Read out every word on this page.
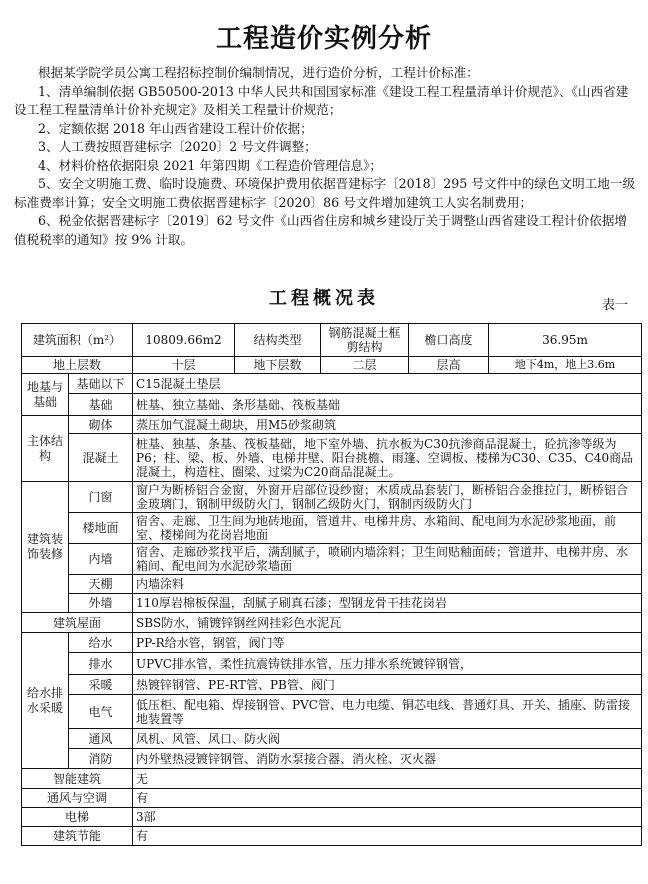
工程造价实例分析

根据某学院学员公寓工程招标控制价编制情况，进行造价分析，工程计价标准：

1、清单编制依据 GB50500-2013 中华人民共和国国家标准《建设工程工程量清单计价规范》、《山西省建设工程工程量清单计价补充规定》及相关工程量计价规范；

2、定额依据 2018 年山西省建设工程计价依据；

3、人工费按照晋建标字〔2020〕2 号文件调整；

4、材料价格依据阳泉 2021 年第四期《工程造价管理信息》；

5、安全文明施工费、临时设施费、环境保护费用依据晋建标字〔2018〕295 号文件中的绿色文明工地一级标准费率计算；安全文明施工费依据晋建标字〔2020〕86 号文件增加建筑工人实名制费用；

6、税金依据晋建标字〔2019〕62 号文件《山西省住房和城乡建设厅关于调整山西省建设工程计价依据增值税税率的通知》按 9% 计取。

工程概况表	表一
建筑面积（m²）		10809.66m2	结构类型	钢筋混凝土框剪结构	檐口高度	36.95m
地上层数		十层	地下层数	二层	层高	地下4m，地上3.6m
地基与基础	基础以下	C15混凝土垫层				
	基础	桩基、独立基础、条形基础、筏板基础				
主体结构	砌体	蒸压加气混凝土砌块，用M5砂浆砌筑				
	混凝土	桩基、独基、条基、筏板基础，地下室外墙、抗水板为C30抗渗商品混凝土，砼抗渗等级为P6；柱、梁、板、外墙、电梯井壁、阳台挑檐、雨篷、空调板、楼梯为C30、C35、C40商品混凝土，构造柱、圈梁、过梁为C20商品混凝土。				
建筑装饰装修	门窗	窗户为断桥铝合金窗，外窗开启部位设纱窗；木质成品套装门，断桥铝合金推拉门，断桥铝合金玻璃门，钢制甲级防火门，钢制乙级防火门，钢制丙级防火门				
	楼地面	宿舍、走廊、卫生间为地砖地面，管道井、电梯井房、水箱间、配电间为水泥砂浆地面，前室、楼梯间为花岗岩地面				
	内墙	宿舍、走廊砂浆找平后，满刮腻子，喷刷内墙涂料；卫生间贴釉面砖；管道井、电梯井房、水箱间、配电间为水泥砂浆墙面				
	天棚	内墙涂料				
	外墙	110厚岩棉板保温，刮腻子刷真石漆；型钢龙骨干挂花岗岩				
建筑屋面		SBS防水，铺镀锌钢丝网挂彩色水泥瓦				
给水排水采暖	给水	PP-R给水管，钢管，阀门等				
	排水	UPVC排水管，柔性抗震铸铁排水管，压力排水系统镀锌钢管，				
	采暖	热镀锌钢管、PE-RT管、PB管、阀门				
	电气	低压柜、配电箱、焊接钢管、PVC管、电力电缆、铜芯电线、普通灯具、开关、插座、防雷接地装置等				
	通风	风机、风管、风口、防火阀				
	消防	内外壁热浸镀锌钢管、消防水泵接合器、消火栓、灭火器				
智能建筑		无				
通风与空调		有				
电梯		3部				
建筑节能		有				
